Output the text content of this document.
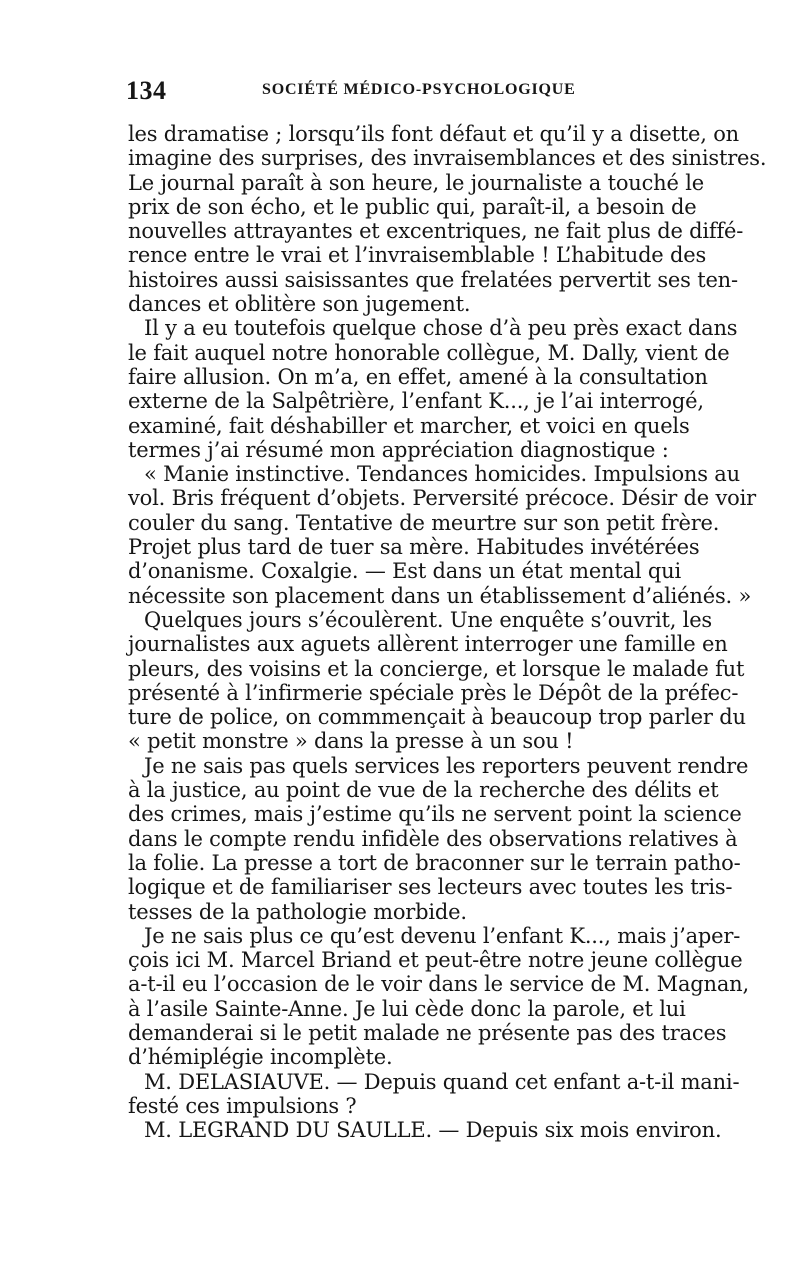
134	SOCIÉTÉ MÉDICO-PSYCHOLOGIQUE
les dramatise ; lorsqu’ils font défaut et qu’il y a disette, on
imagine des surprises, des invraisemblances et des sinistres.
Le journal paraît à son heure, le journaliste a touché le
prix de son écho, et le public qui, paraît-il, a besoin de
nouvelles attrayantes et excentriques, ne fait plus de diffé-
rence entre le vrai et l’invraisemblable ! L’habitude des
histoires aussi saisissantes que frelatées pervertit ses ten-
dances et oblitère son jugement.
Il y a eu toutefois quelque chose d’à peu près exact dans
le fait auquel notre honorable collègue, M. Dally, vient de
faire allusion. On m’a, en effet, amené à la consultation
externe de la Salpêtrière, l’enfant K..., je l’ai interrogé,
examiné, fait déshabiller et marcher, et voici en quels
termes j’ai résumé mon appréciation diagnostique :
« Manie instinctive. Tendances homicides. Impulsions au
vol. Bris fréquent d’objets. Perversité précoce. Désir de voir
couler du sang. Tentative de meurtre sur son petit frère.
Projet plus tard de tuer sa mère. Habitudes invétérées
d’onanisme. Coxalgie. — Est dans un état mental qui
nécessite son placement dans un établissement d’aliénés. »
Quelques jours s’écoulèrent. Une enquête s’ouvrit, les
journalistes aux aguets allèrent interroger une famille en
pleurs, des voisins et la concierge, et lorsque le malade fut
présenté à l’infirmerie spéciale près le Dépôt de la préfec-
ture de police, on commmençait à beaucoup trop parler du
« petit monstre » dans la presse à un sou !
Je ne sais pas quels services les reporters peuvent rendre
à la justice, au point de vue de la recherche des délits et
des crimes, mais j’estime qu’ils ne servent point la science
dans le compte rendu infidèle des observations relatives à
la folie. La presse a tort de braconner sur le terrain patho-
logique et de familiariser ses lecteurs avec toutes les tris-
tesses de la pathologie morbide.
Je ne sais plus ce qu’est devenu l’enfant K..., mais j’aper-
çois ici M. Marcel Briand et peut-être notre jeune collègue
a-t-il eu l’occasion de le voir dans le service de M. Magnan,
à l’asile Sainte-Anne. Je lui cède donc la parole, et lui
demanderai si le petit malade ne présente pas des traces
d’hémiplégie incomplète.
M. DELASIAUVE. — Depuis quand cet enfant a-t-il mani-
festé ces impulsions ?
M. LEGRAND DU SAULLE. — Depuis six mois environ.
